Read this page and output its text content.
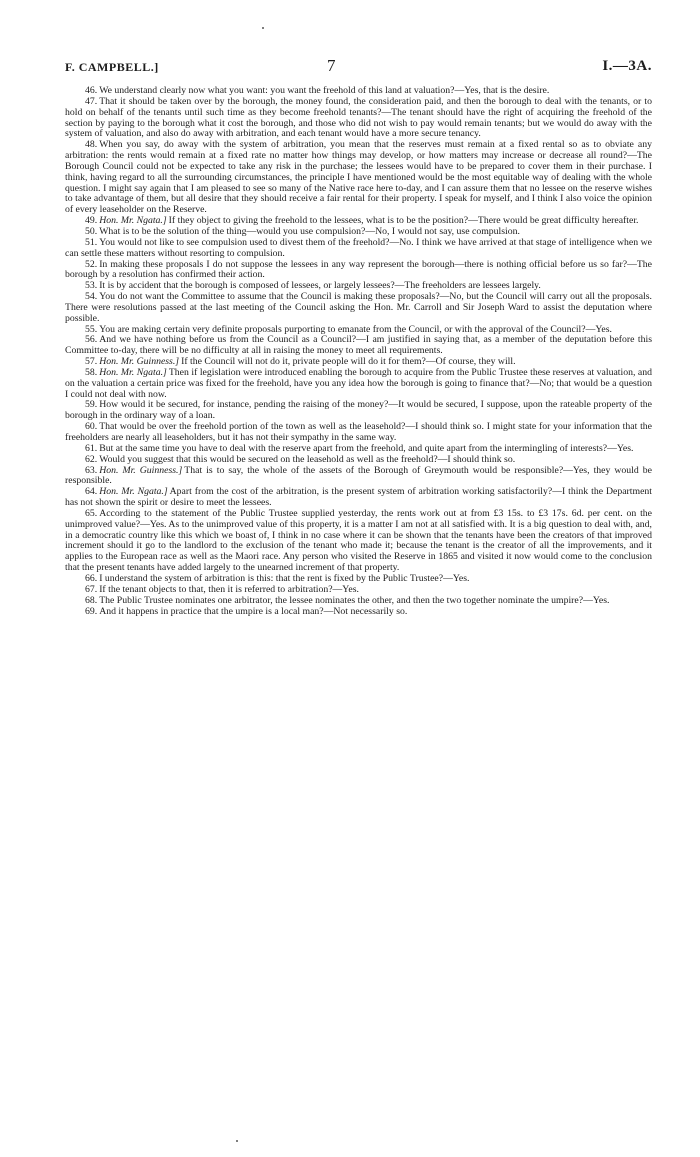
F. CAMPBELL.]	7	I.—3A.

46. We understand clearly now what you want: you want the freehold of this land at valuation?—Yes, that is the desire.

47. That it should be taken over by the borough, the money found, the consideration paid, and then the borough to deal with the tenants, or to hold on behalf of the tenants until such time as they become freehold tenants?—The tenant should have the right of acquiring the freehold of the section by paying to the borough what it cost the borough, and those who did not wish to pay would remain tenants; but we would do away with the system of valuation, and also do away with arbitration, and each tenant would have a more secure tenancy.

48. When you say, do away with the system of arbitration, you mean that the reserves must remain at a fixed rental so as to obviate any arbitration: the rents would remain at a fixed rate no matter how things may develop, or how matters may increase or decrease all round?—The Borough Council could not be expected to take any risk in the purchase; the lessees would have to be prepared to cover them in their purchase. I think, having regard to all the surrounding circumstances, the principle I have mentioned would be the most equitable way of dealing with the whole question. I might say again that I am pleased to see so many of the Native race here to-day, and I can assure them that no lessee on the reserve wishes to take advantage of them, but all desire that they should receive a fair rental for their property. I speak for myself, and I think I also voice the opinion of every leaseholder on the Reserve.

49. Hon. Mr. Ngata.] If they object to giving the freehold to the lessees, what is to be the position?—There would be great difficulty hereafter.

50. What is to be the solution of the thing—would you use compulsion?—No, I would not say, use compulsion.

51. You would not like to see compulsion used to divest them of the freehold?—No. I think we have arrived at that stage of intelligence when we can settle these matters without resorting to compulsion.

52. In making these proposals I do not suppose the lessees in any way represent the borough—there is nothing official before us so far?—The borough by a resolution has confirmed their action.

53. It is by accident that the borough is composed of lessees, or largely lessees?—The freeholders are lessees largely.

54. You do not want the Committee to assume that the Council is making these proposals?—No, but the Council will carry out all the proposals. There were resolutions passed at the last meeting of the Council asking the Hon. Mr. Carroll and Sir Joseph Ward to assist the deputation where possible.

55. You are making certain very definite proposals purporting to emanate from the Council, or with the approval of the Council?—Yes.

56. And we have nothing before us from the Council as a Council?—I am justified in saying that, as a member of the deputation before this Committee to-day, there will be no difficulty at all in raising the money to meet all requirements.

57. Hon. Mr. Guinness.] If the Council will not do it, private people will do it for them?—Of course, they will.

58. Hon. Mr. Ngata.] Then if legislation were introduced enabling the borough to acquire from the Public Trustee these reserves at valuation, and on the valuation a certain price was fixed for the freehold, have you any idea how the borough is going to finance that?—No; that would be a question I could not deal with now.

59. How would it be secured, for instance, pending the raising of the money?—It would be secured, I suppose, upon the rateable property of the borough in the ordinary way of a loan.

60. That would be over the freehold portion of the town as well as the leasehold?—I should think so. I might state for your information that the freeholders are nearly all leaseholders, but it has not their sympathy in the same way.

61. But at the same time you have to deal with the reserve apart from the freehold, and quite apart from the intermingling of interests?—Yes.

62. Would you suggest that this would be secured on the leasehold as well as the freehold?—I should think so.

63. Hon. Mr. Guinness.] That is to say, the whole of the assets of the Borough of Greymouth would be responsible?—Yes, they would be responsible.

64. Hon. Mr. Ngata.] Apart from the cost of the arbitration, is the present system of arbitration working satisfactorily?—I think the Department has not shown the spirit or desire to meet the lessees.

65. According to the statement of the Public Trustee supplied yesterday, the rents work out at from £3 15s. to £3 17s. 6d. per cent. on the unimproved value?—Yes. As to the unimproved value of this property, it is a matter I am not at all satisfied with. It is a big question to deal with, and, in a democratic country like this which we boast of, I think in no case where it can be shown that the tenants have been the creators of that improved increment should it go to the landlord to the exclusion of the tenant who made it; because the tenant is the creator of all the improvements, and it applies to the European race as well as the Maori race. Any person who visited the Reserve in 1865 and visited it now would come to the conclusion that the present tenants have added largely to the unearned increment of that property.

66. I understand the system of arbitration is this: that the rent is fixed by the Public Trustee?—Yes.

67. If the tenant objects to that, then it is referred to arbitration?—Yes.

68. The Public Trustee nominates one arbitrator, the lessee nominates the other, and then the two together nominate the umpire?—Yes.

69. And it happens in practice that the umpire is a local man?—Not necessarily so.
